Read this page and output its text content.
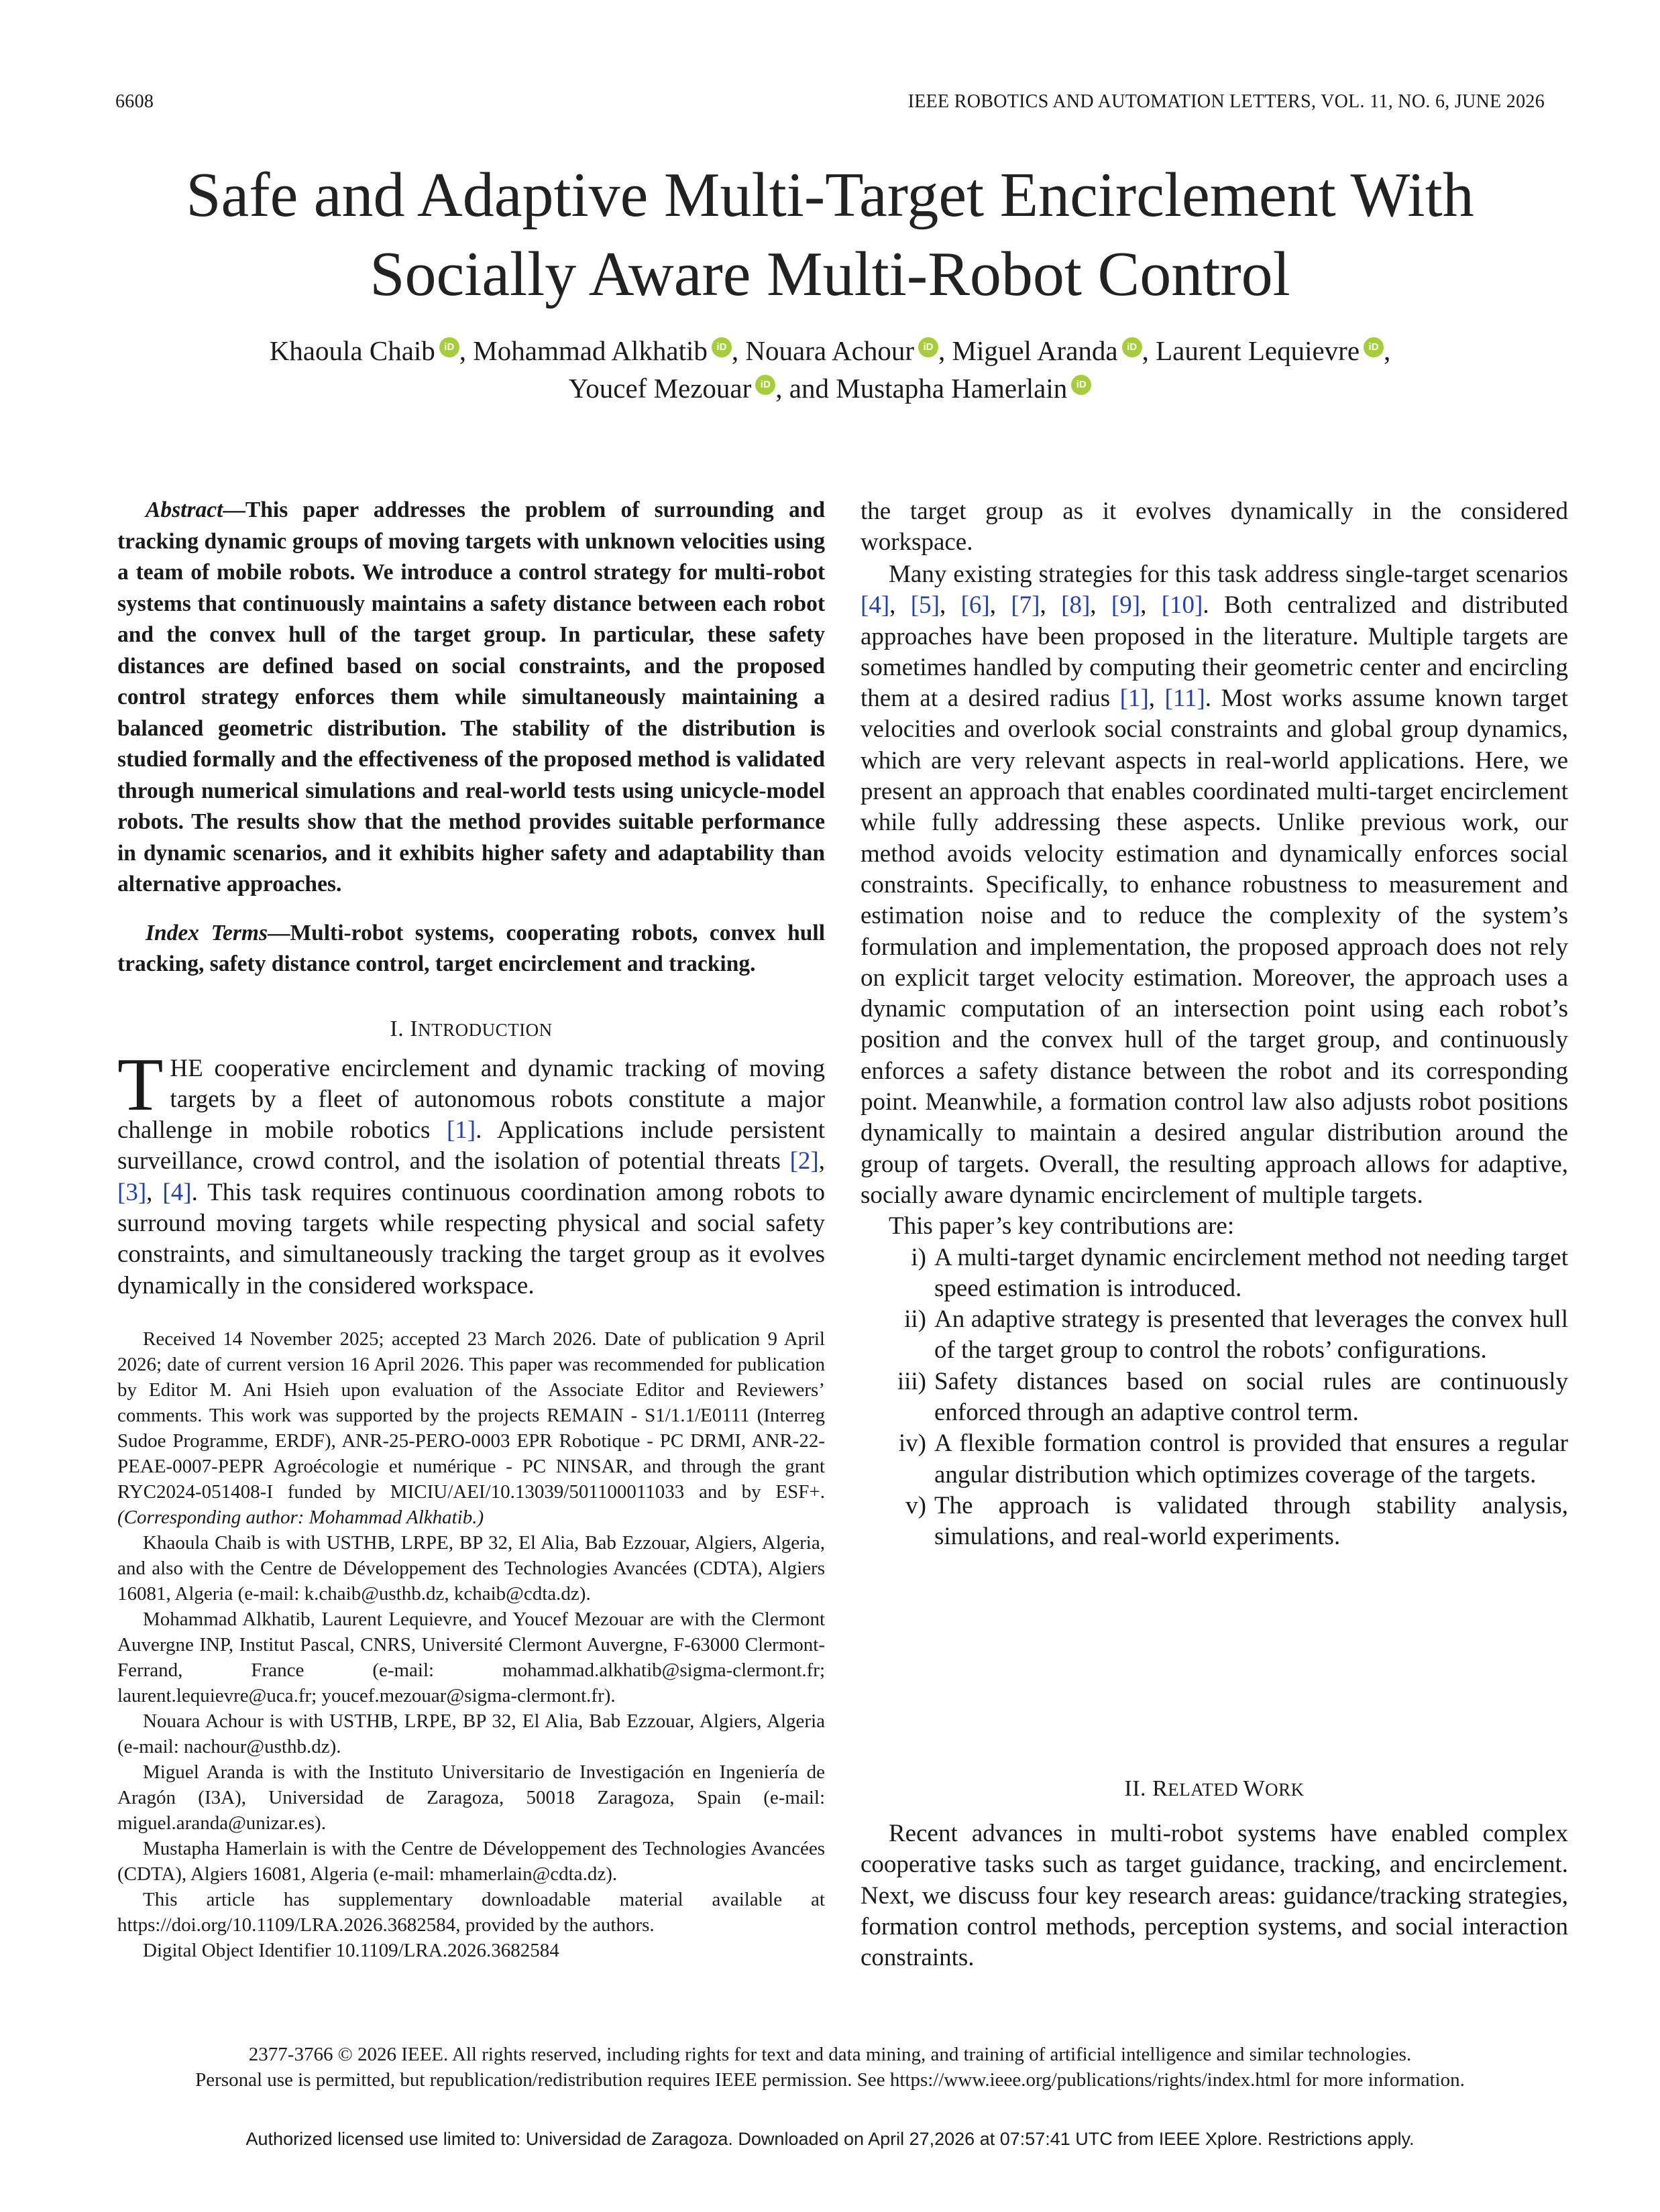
6608	IEEE ROBOTICS AND AUTOMATION LETTERS, VOL. 11, NO. 6, JUNE 2026
Safe and Adaptive Multi-Target Encirclement With
Socially Aware Multi-Robot Control
Khaoula Chaib iD , Mohammad Alkhatib iD , Nouara Achour iD , Miguel Aranda iD , Laurent Lequievre iD ,
Youcef Mezouar iD , and Mustapha Hamerlain iD

Abstract—This paper addresses the problem of surrounding and tracking dynamic groups of moving targets with unknown velocities using a team of mobile robots. We introduce a control strategy for multi-robot systems that continuously maintains a safety distance between each robot and the convex hull of the target group. In particular, these safety distances are defined based on social constraints, and the proposed control strategy enforces them while simultaneously maintaining a balanced geometric distribution. The stability of the distribution is studied formally and the effectiveness of the proposed method is validated through numerical simulations and real-world tests using unicycle-model robots. The results show that the method provides suitable performance in dynamic scenarios, and it exhibits higher safety and adaptability than alternative approaches.

Index Terms—Multi-robot systems, cooperating robots, convex hull tracking, safety distance control, target encirclement and tracking.

I. INTRODUCTION

THE cooperative encirclement and dynamic tracking of moving targets by a fleet of autonomous robots constitute a major challenge in mobile robotics [1]. Applications include persistent surveillance, crowd control, and the isolation of potential threats [2], [3], [4]. This task requires continuous coordination among robots to surround moving targets while respecting physical and social safety constraints, and simultaneously tracking the target group as it evolves dynamically in the considered workspace.

Received 14 November 2025; accepted 23 March 2026. Date of publication 9 April 2026; date of current version 16 April 2026. This paper was recommended for publication by Editor M. Ani Hsieh upon evaluation of the Associate Editor and Reviewers’ comments. This work was supported by the projects REMAIN - S1/1.1/E0111 (Interreg Sudoe Programme, ERDF), ANR-25-PERO-0003 EPR Robotique - PC DRMI, ANR-22-PEAE-0007-PEPR Agroécologie et numérique - PC NINSAR, and through the grant RYC2024-051408-I funded by MICIU/AEI/10.13039/501100011033 and by ESF+. (Corresponding author: Mohammad Alkhatib.)

Khaoula Chaib is with USTHB, LRPE, BP 32, El Alia, Bab Ezzouar, Algiers, Algeria, and also with the Centre de Développement des Technologies Avancées (CDTA), Algiers 16081, Algeria (e-mail: k.chaib@usthb.dz, kchaib@cdta.dz).

Mohammad Alkhatib, Laurent Lequievre, and Youcef Mezouar are with the Clermont Auvergne INP, Institut Pascal, CNRS, Université Clermont Auvergne, F-63000 Clermont-Ferrand, France (e-mail: mohammad.alkhatib@sigma-clermont.fr; laurent.lequievre@uca.fr; youcef.mezouar@sigma-clermont.fr).

Nouara Achour is with USTHB, LRPE, BP 32, El Alia, Bab Ezzouar, Algiers, Algeria (e-mail: nachour@usthb.dz).

Miguel Aranda is with the Instituto Universitario de Investigación en Ingeniería de Aragón (I3A), Universidad de Zaragoza, 50018 Zaragoza, Spain (e-mail: miguel.aranda@unizar.es).

Mustapha Hamerlain is with the Centre de Développement des Technologies Avancées (CDTA), Algiers 16081, Algeria (e-mail: mhamerlain@cdta.dz).

This article has supplementary downloadable material available at https://doi.org/10.1109/LRA.2026.3682584, provided by the authors.

Digital Object Identifier 10.1109/LRA.2026.3682584

the target group as it evolves dynamically in the considered workspace.

Many existing strategies for this task address single-target scenarios [4], [5], [6], [7], [8], [9], [10]. Both centralized and distributed approaches have been proposed in the literature. Multiple targets are sometimes handled by computing their geometric center and encircling them at a desired radius [1], [11]. Most works assume known target velocities and overlook social constraints and global group dynamics, which are very relevant aspects in real-world applications. Here, we present an approach that enables coordinated multi-target encirclement while fully addressing these aspects. Unlike previous work, our method avoids velocity estimation and dynamically enforces social constraints. Specifically, to enhance robustness to measurement and estimation noise and to reduce the complexity of the system’s formulation and implementation, the proposed approach does not rely on explicit target velocity estimation. Moreover, the approach uses a dynamic computation of an intersection point using each robot’s position and the convex hull of the target group, and continuously enforces a safety distance between the robot and its corresponding point. Meanwhile, a formation control law also adjusts robot positions dynamically to maintain a desired angular distribution around the group of targets. Overall, the resulting approach allows for adaptive, socially aware dynamic encirclement of multiple targets.

This paper’s key contributions are:

i) A multi-target dynamic encirclement method not needing target speed estimation is introduced.
ii) An adaptive strategy is presented that leverages the convex hull of the target group to control the robots’ configurations.
iii) Safety distances based on social rules are continuously enforced through an adaptive control term.
iv) A flexible formation control is provided that ensures a regular angular distribution which optimizes coverage of the targets.
v) The approach is validated through stability analysis, simulations, and real-world experiments.
II. RELATED WORK

Recent advances in multi-robot systems have enabled complex cooperative tasks such as target guidance, tracking, and encirclement. Next, we discuss four key research areas: guidance/tracking strategies, formation control methods, perception systems, and social interaction constraints.

2377-3766 © 2026 IEEE. All rights reserved, including rights for text and data mining, and training of artificial intelligence and similar technologies.
Personal use is permitted, but republication/redistribution requires IEEE permission. See https://www.ieee.org/publications/rights/index.html for more information.
Authorized licensed use limited to: Universidad de Zaragoza. Downloaded on April 27,2026 at 07:57:41 UTC from IEEE Xplore. Restrictions apply.
